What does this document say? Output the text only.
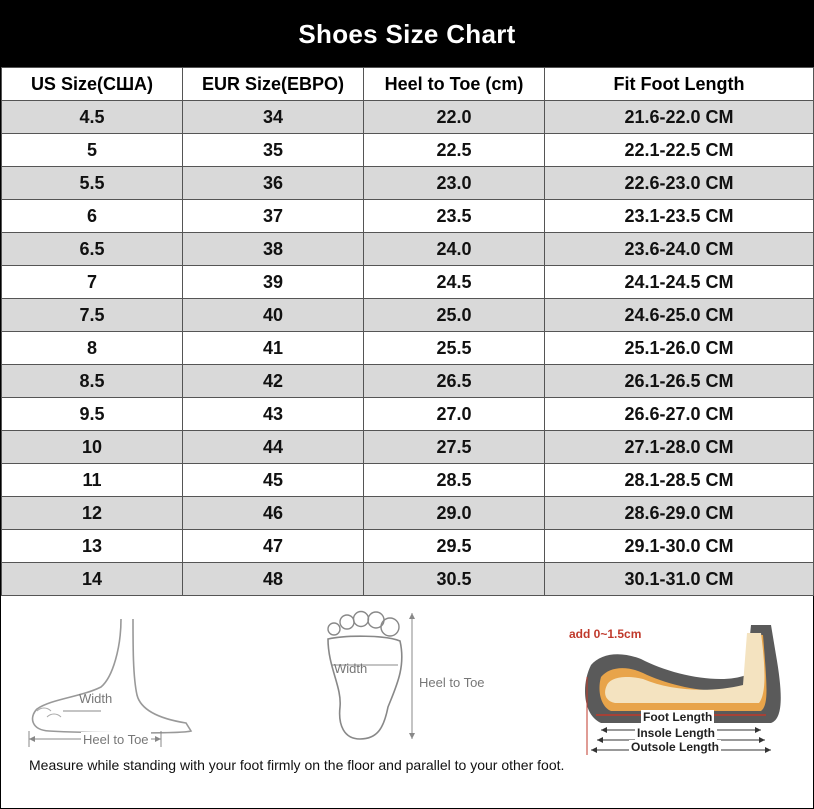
Shoes Size Chart
US Size(США)	EUR Size(EBPO)	Heel to Toe (cm)	Fit Foot Length
4.5	34	22.0	21.6-22.0 CM
5	35	22.5	22.1-22.5 CM
5.5	36	23.0	22.6-23.0 CM
6	37	23.5	23.1-23.5 CM
6.5	38	24.0	23.6-24.0 CM
7	39	24.5	24.1-24.5 CM
7.5	40	25.0	24.6-25.0 CM
8	41	25.5	25.1-26.0 CM
8.5	42	26.5	26.1-26.5 CM
9.5	43	27.0	26.6-27.0 CM
10	44	27.5	27.1-28.0 CM
11	45	28.5	28.1-28.5 CM
12	46	29.0	28.6-29.0 CM
13	47	29.5	29.1-30.0 CM
14	48	30.5	30.1-31.0 CM
Width
Heel to Toe
Width
Heel to Toe
add 0~1.5cm
Foot Length
Insole Length
Outsole Length
Measure while standing with your foot firmly on the floor and parallel to your other foot.
